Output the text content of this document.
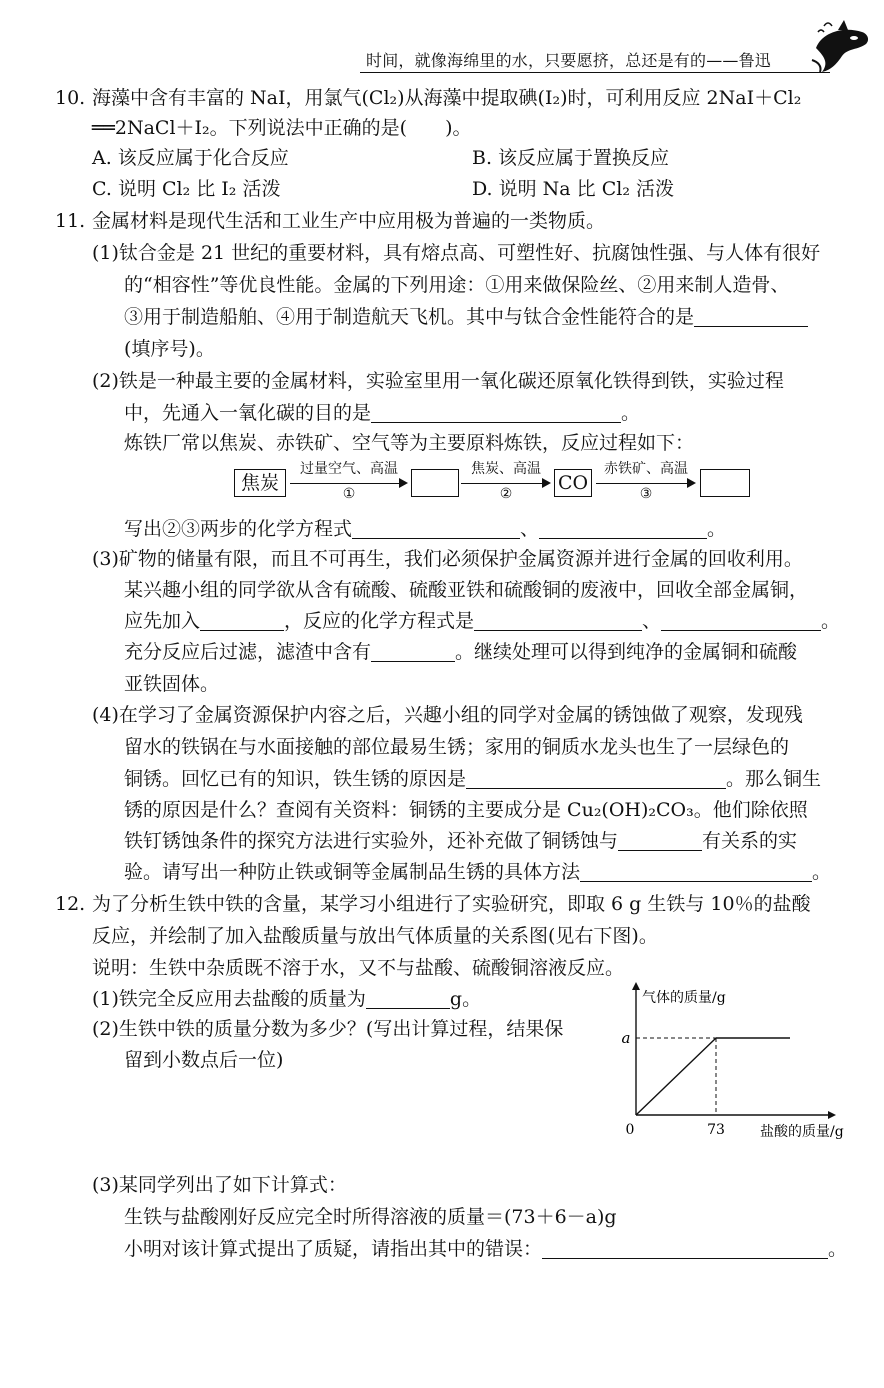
时间，就像海绵里的水，只要愿挤，总还是有的——鲁迅
10. 海藻中含有丰富的 NaI，用氯气(Cl₂)从海藻中提取碘(I₂)时，可利用反应 2NaI＋Cl₂
══2NaCl＋I₂。下列说法中正确的是(　　)。
A. 该反应属于化合反应	B. 该反应属于置换反应
C. 说明 Cl₂ 比 I₂ 活泼	D. 说明 Na 比 Cl₂ 活泼
11. 金属材料是现代生活和工业生产中应用极为普遍的一类物质。
(1)钛合金是 21 世纪的重要材料，具有熔点高、可塑性好、抗腐蚀性强、与人体有很好
的“相容性”等优良性能。金属的下列用途：①用来做保险丝、②用来制人造骨、
③用于制造船舶、④用于制造航天飞机。其中与钛合金性能符合的是
(填序号)。
(2)铁是一种最主要的金属材料，实验室里用一氧化碳还原氧化铁得到铁，实验过程
中，先通入一氧化碳的目的是	。
炼铁厂常以焦炭、赤铁矿、空气等为主要原料炼铁，反应过程如下：
焦炭
过量空气、高温
①
焦炭、高温
②	CO
赤铁矿、高温
③
写出②③两步的化学方程式	、	。
(3)矿物的储量有限，而且不可再生，我们必须保护金属资源并进行金属的回收利用。
某兴趣小组的同学欲从含有硫酸、硫酸亚铁和硫酸铜的废液中，回收全部金属铜，
应先加入	，反应的化学方程式是	、	。
充分反应后过滤，滤渣中含有	。继续处理可以得到纯净的金属铜和硫酸
亚铁固体。
(4)在学习了金属资源保护内容之后，兴趣小组的同学对金属的锈蚀做了观察，发现残
留水的铁锅在与水面接触的部位最易生锈；家用的铜质水龙头也生了一层绿色的
铜锈。回忆已有的知识，铁生锈的原因是	。那么铜生
锈的原因是什么？查阅有关资料：铜锈的主要成分是 Cu₂(OH)₂CO₃。他们除依照
铁钉锈蚀条件的探究方法进行实验外，还补充做了铜锈蚀与	有关系的实
验。请写出一种防止铁或铜等金属制品生锈的具体方法	。
12. 为了分析生铁中铁的含量，某学习小组进行了实验研究，即取 6 g 生铁与 10％的盐酸
反应，并绘制了加入盐酸质量与放出气体质量的关系图(见右下图)。
说明：生铁中杂质既不溶于水，又不与盐酸、硫酸铜溶液反应。
(1)铁完全反应用去盐酸的质量为	g。
(2)生铁中铁的质量分数为多少？(写出计算过程，结果保
留到小数点后一位)
(3)某同学列出了如下计算式：
生铁与盐酸刚好反应完全时所得溶液的质量＝(73＋6－a)g
小明对该计算式提出了质疑，请指出其中的错误：	。
气体的质量/g
盐酸的质量/g
0	73
a
